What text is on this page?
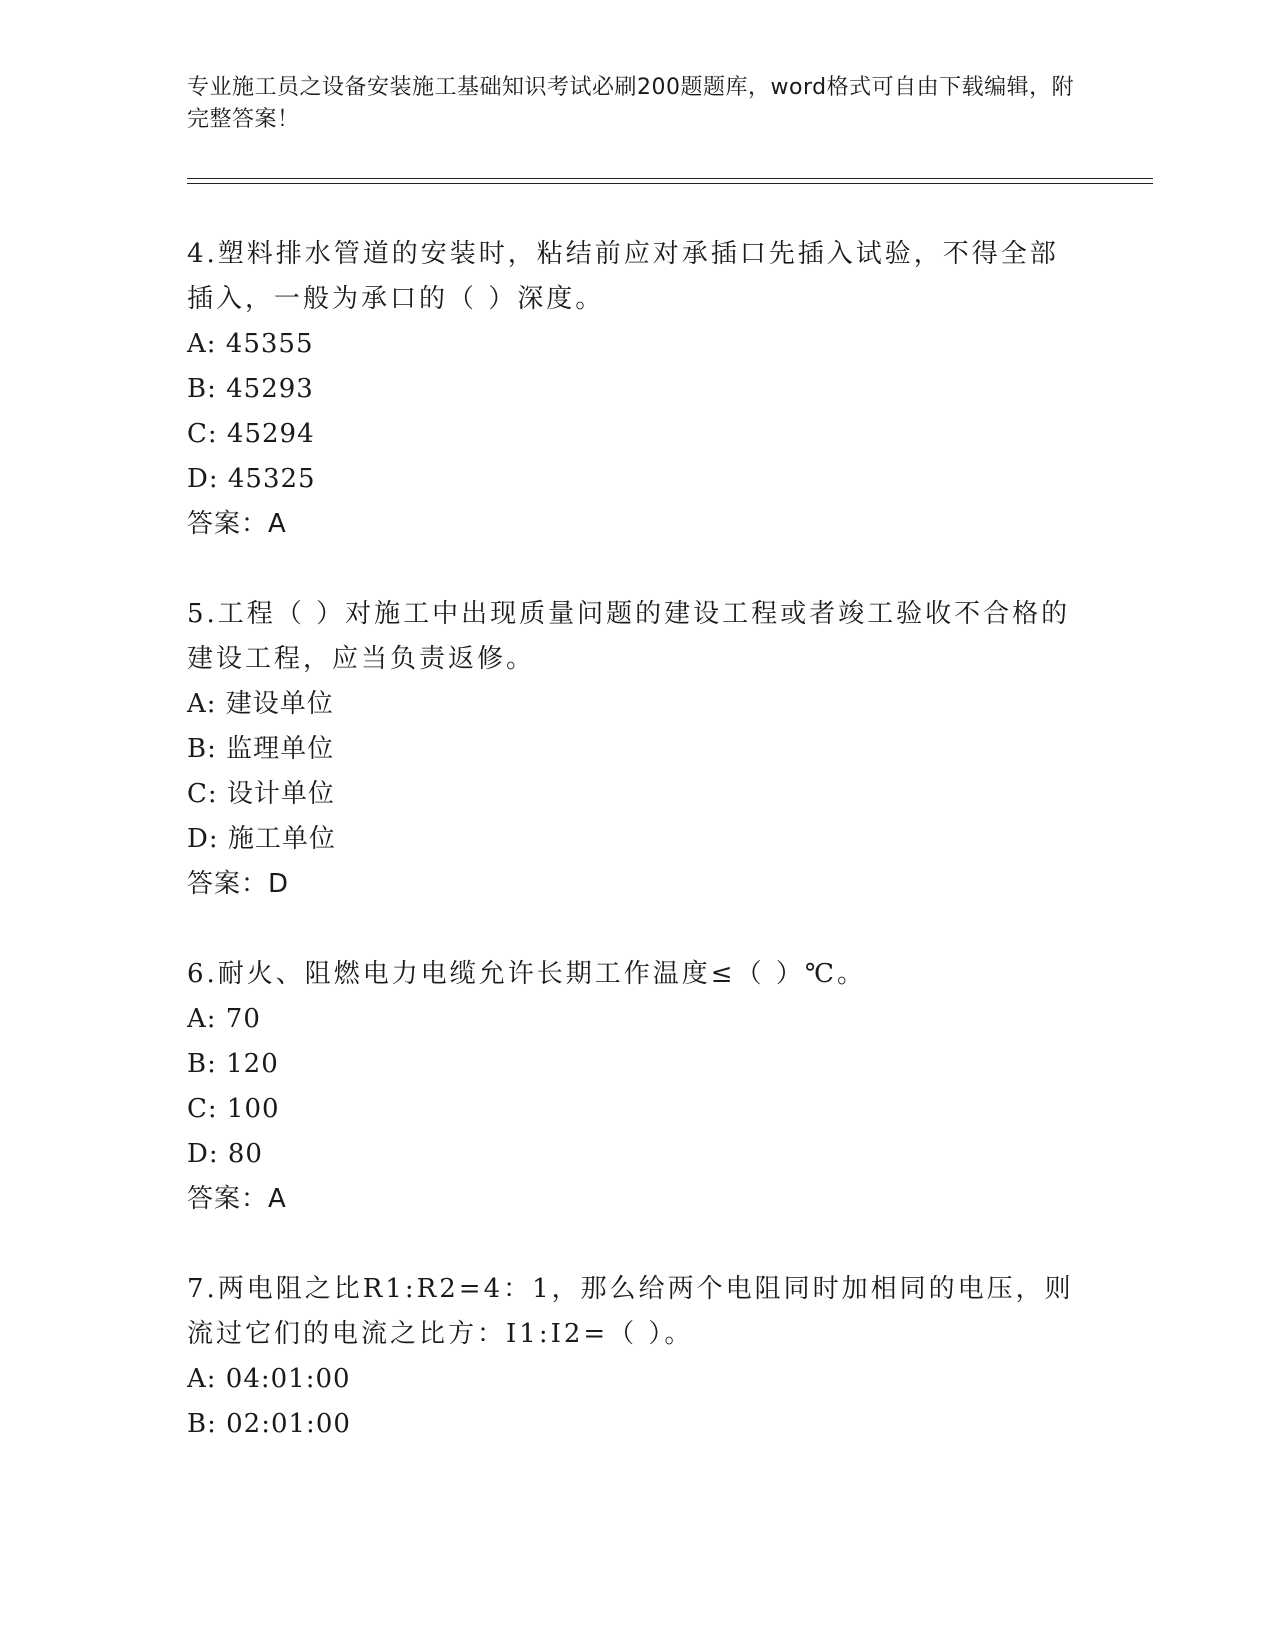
专业施工员之设备安装施工基础知识考试必刷200题题库，word格式可自由下载编辑，附完整答案！

4.塑料排水管道的安装时，粘结前应对承插口先插入试验，不得全部插入，一般为承口的（ ）深度。

A: 45355

B: 45293

C: 45294

D: 45325

答案：A

5.工程（ ）对施工中出现质量问题的建设工程或者竣工验收不合格的建设工程，应当负责返修。

A: 建设单位

B: 监理单位

C: 设计单位

D: 施工单位

答案：D

6.耐火、阻燃电力电缆允许长期工作温度≤（ ）℃。

A: 70

B: 120

C: 100

D: 80

答案：A

7.两电阻之比R1:R2=4：1，那么给两个电阻同时加相同的电压，则流过它们的电流之比方：I1:I2=（ ）。

A: 04:01:00

B: 02:01:00
